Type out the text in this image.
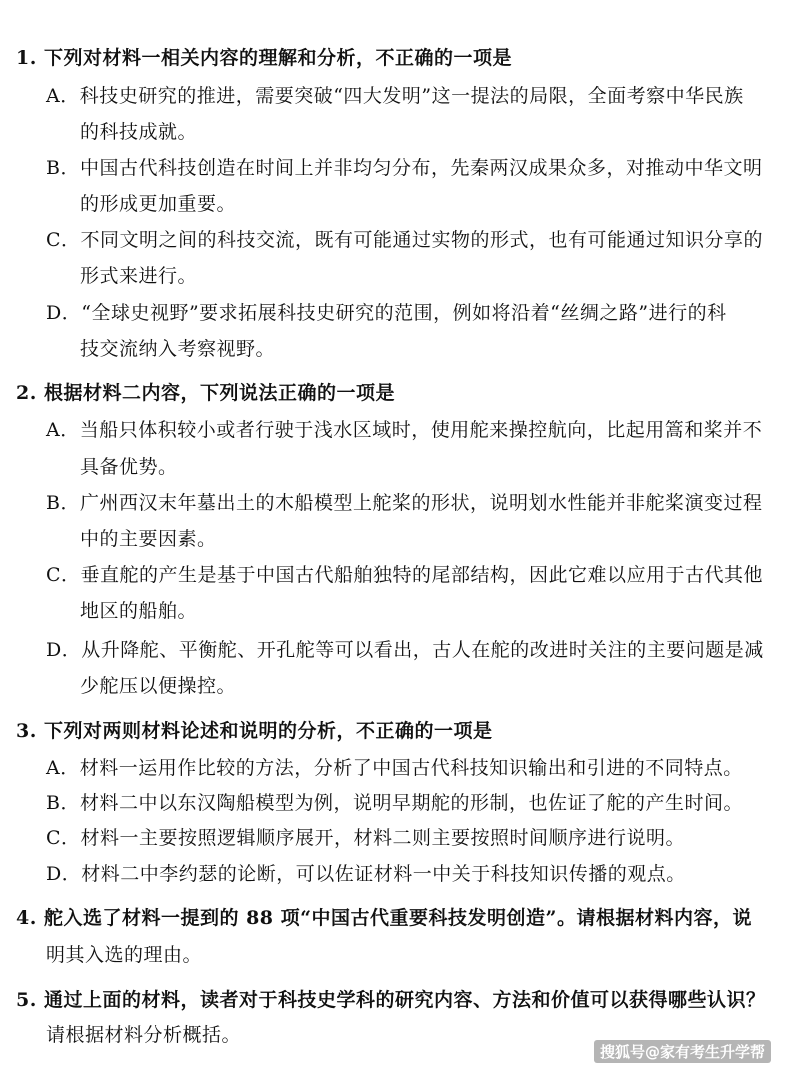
1. 下列对材料一相关内容的理解和分析，不正确的一项是
A．科技史研究的推进，需要突破“四大发明”这一提法的局限，全面考察中华民族
的科技成就。
B．中国古代科技创造在时间上并非均匀分布，先秦两汉成果众多，对推动中华文明
的形成更加重要。
C．不同文明之间的科技交流，既有可能通过实物的形式，也有可能通过知识分享的
形式来进行。
D．“全球史视野”要求拓展科技史研究的范围，例如将沿着“丝绸之路”进行的科
技交流纳入考察视野。
2. 根据材料二内容，下列说法正确的一项是
A．当船只体积较小或者行驶于浅水区域时，使用舵来操控航向，比起用篙和桨并不
具备优势。
B．广州西汉末年墓出土的木船模型上舵桨的形状，说明划水性能并非舵桨演变过程
中的主要因素。
C．垂直舵的产生是基于中国古代船舶独特的尾部结构，因此它难以应用于古代其他
地区的船舶。
D．从升降舵、平衡舵、开孔舵等可以看出，古人在舵的改进时关注的主要问题是减
少舵压以便操控。
3. 下列对两则材料论述和说明的分析，不正确的一项是
A．材料一运用作比较的方法，分析了中国古代科技知识输出和引进的不同特点。
B．材料二中以东汉陶船模型为例，说明早期舵的形制，也佐证了舵的产生时间。
C．材料一主要按照逻辑顺序展开，材料二则主要按照时间顺序进行说明。
D．材料二中李约瑟的论断，可以佐证材料一中关于科技知识传播的观点。
4. 舵入选了材料一提到的 88 项“中国古代重要科技发明创造”。请根据材料内容，说
明其入选的理由。
5. 通过上面的材料，读者对于科技史学科的研究内容、方法和价值可以获得哪些认识？
请根据材料分析概括。
搜狐号@家有考生升学帮
